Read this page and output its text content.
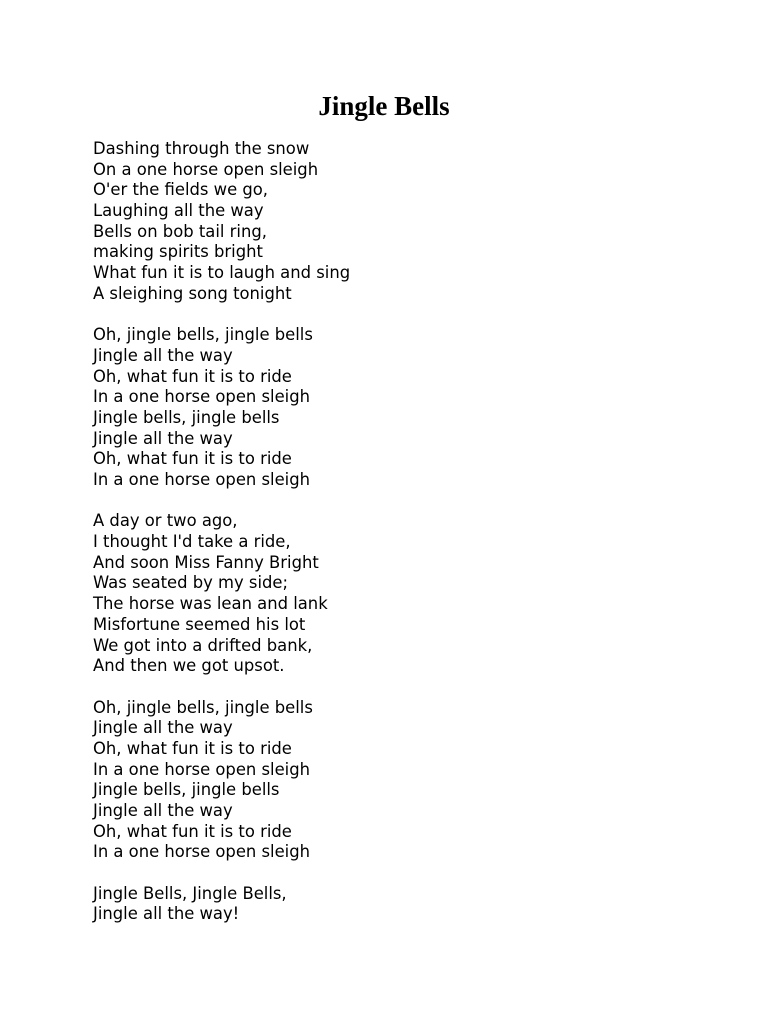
Jingle Bells
Dashing through the snow
On a one horse open sleigh
O'er the fields we go,
Laughing all the way
Bells on bob tail ring,
making spirits bright
What fun it is to laugh and sing
A sleighing song tonight
Oh, jingle bells, jingle bells
Jingle all the way
Oh, what fun it is to ride
In a one horse open sleigh
Jingle bells, jingle bells
Jingle all the way
Oh, what fun it is to ride
In a one horse open sleigh
A day or two ago,
I thought I'd take a ride,
And soon Miss Fanny Bright
Was seated by my side;
The horse was lean and lank
Misfortune seemed his lot
We got into a drifted bank,
And then we got upsot.
Oh, jingle bells, jingle bells
Jingle all the way
Oh, what fun it is to ride
In a one horse open sleigh
Jingle bells, jingle bells
Jingle all the way
Oh, what fun it is to ride
In a one horse open sleigh
Jingle Bells, Jingle Bells,
Jingle all the way!
